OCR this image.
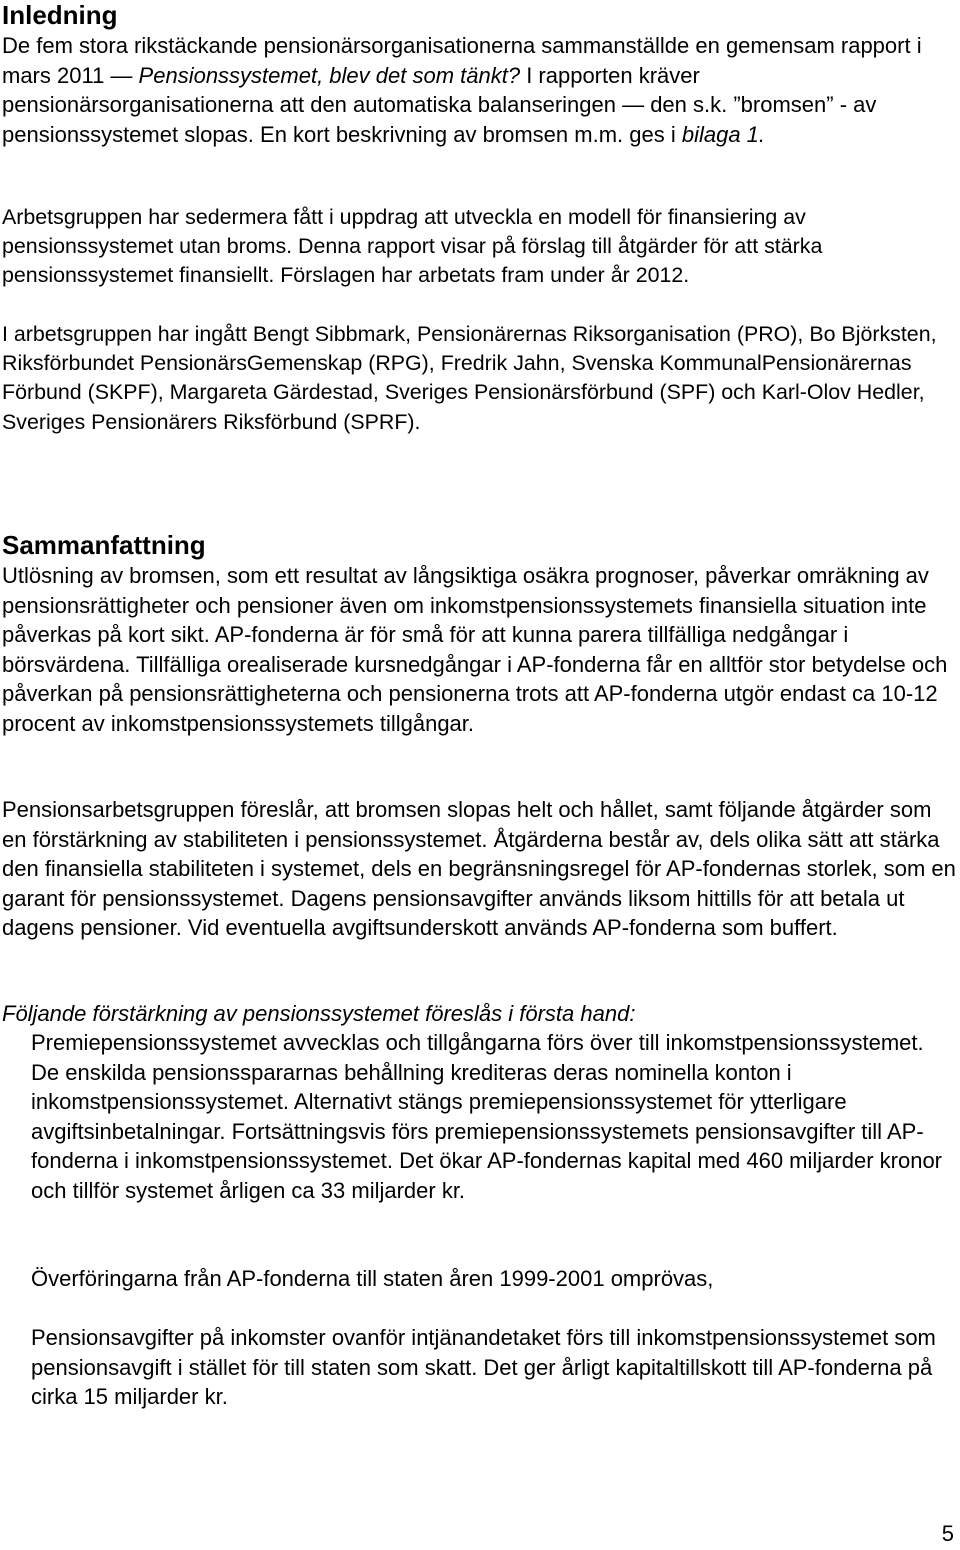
Inledning

De fem stora rikstäckande pensionärsorganisationerna sammanställde en gemensam rapport i mars 2011 — Pensionssystemet, blev det som tänkt? I rapporten kräver pensionärsorganisationerna att den automatiska balanseringen — den s.k. ”bromsen” - av pensionssystemet slopas. En kort beskrivning av bromsen m.m. ges i bilaga 1.

Arbetsgruppen har sedermera fått i uppdrag att utveckla en modell för finansiering av pensionssystemet utan broms. Denna rapport visar på förslag till åtgärder för att stärka pensionssystemet finansiellt. Förslagen har arbetats fram under år 2012.

I arbetsgruppen har ingått Bengt Sibbmark, Pensionärernas Riksorganisation (PRO), Bo Björksten, Riksförbundet PensionärsGemenskap (RPG), Fredrik Jahn, Svenska KommunalPensionärernas Förbund (SKPF), Margareta Gärdestad, Sveriges Pensionärsförbund (SPF) och Karl-Olov Hedler, Sveriges Pensionärers Riksförbund (SPRF).

Sammanfattning

Utlösning av bromsen, som ett resultat av långsiktiga osäkra prognoser, påverkar omräkning av pensionsrättigheter och pensioner även om inkomstpensionssystemets finansiella situation inte påverkas på kort sikt. AP-fonderna är för små för att kunna parera tillfälliga nedgångar i börsvärdena. Tillfälliga orealiserade kursnedgångar i AP-fonderna får en alltför stor betydelse och påverkan på pensionsrättigheterna och pensionerna trots att AP-fonderna utgör endast ca 10-12 procent av inkomstpensionssystemets tillgångar.

Pensionsarbetsgruppen föreslår, att bromsen slopas helt och hållet, samt följande åtgärder som en förstärkning av stabiliteten i pensionssystemet. Åtgärderna består av, dels olika sätt att stärka den finansiella stabiliteten i systemet, dels en begränsningsregel för AP-fondernas storlek, som en garant för pensionssystemet. Dagens pensionsavgifter används liksom hittills för att betala ut dagens pensioner. Vid eventuella avgiftsunderskott används AP-fonderna som buffert.

Följande förstärkning av pensionssystemet föreslås i första hand:

Premiepensionssystemet avvecklas och tillgångarna förs över till inkomstpensionssystemet. De enskilda pensionsspararnas behållning krediteras deras nominella konton i inkomstpensionssystemet. Alternativt stängs premiepensionssystemet för ytterligare avgiftsinbetalningar. Fortsättningsvis förs premiepensionssystemets pensionsavgifter till AP-fonderna i inkomstpensionssystemet. Det ökar AP-fondernas kapital med 460 miljarder kronor och tillför systemet årligen ca 33 miljarder kr.

Överföringarna från AP-fonderna till staten åren 1999-2001 omprövas,

Pensionsavgifter på inkomster ovanför intjänandetaket förs till inkomstpensionssystemet som pensionsavgift i stället för till staten som skatt. Det ger årligt kapitaltillskott till AP-fonderna på cirka 15 miljarder kr.

5
